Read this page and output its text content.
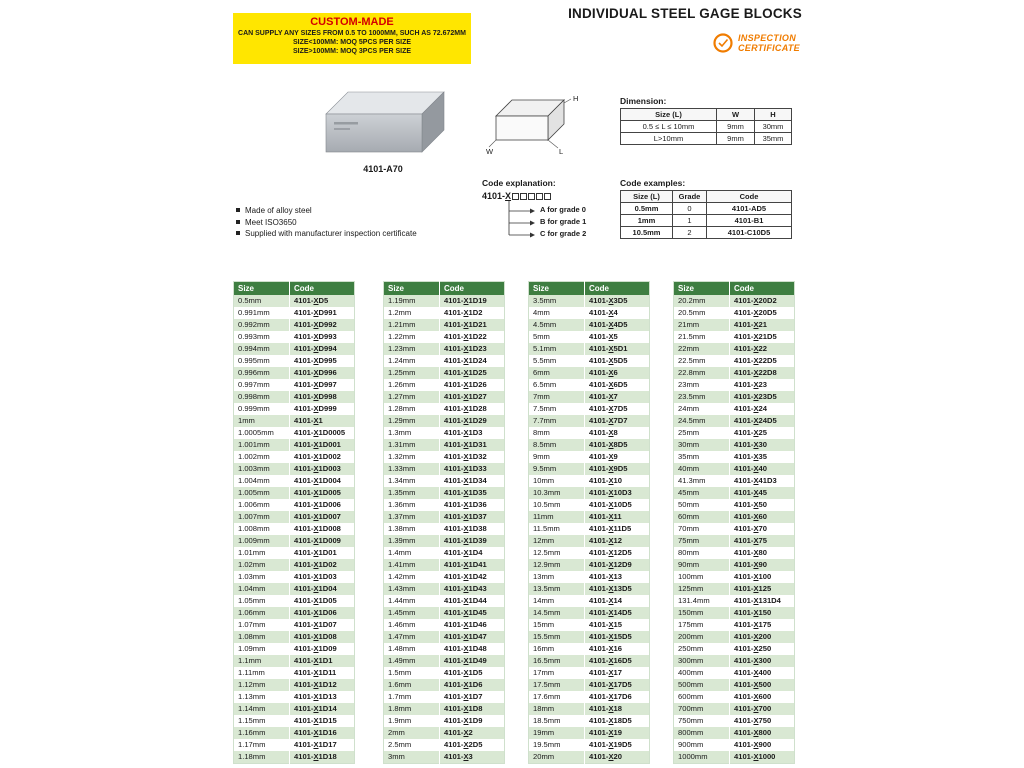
CUSTOM-MADE
CAN SUPPLY ANY SIZES FROM 0.5 TO 1000MM, SUCH AS 72.672MM
SIZE<100MM: MOQ 5PCS PER SIZE
SIZE>100MM: MOQ 3PCS PER SIZE
INDIVIDUAL STEEL GAGE BLOCKS
INSPECTION
CERTIFICATE
4101-A70
H
L
W
Dimension:
Size (L)	W	H
0.5 ≤ L ≤ 10mm	9mm	30mm
L>10mm	9mm	35mm
Made of alloy steel
Meet ISO3650
Supplied with manufacturer inspection certificate
Code explanation:
4101-X
A for grade 0
B for grade 1
C for grade 2
Code examples:
Size (L)	Grade	Code
0.5mm	0	4101-AD5
1mm	1	4101-B1
10.5mm	2	4101-C10D5
Size	Code
0.5mm	4101-XD5
0.991mm	4101-XD991
0.992mm	4101-XD992
0.993mm	4101-XD993
0.994mm	4101-XD994
0.995mm	4101-XD995
0.996mm	4101-XD996
0.997mm	4101-XD997
0.998mm	4101-XD998
0.999mm	4101-XD999
1mm	4101-X1
1.0005mm	4101-X1D0005
1.001mm	4101-X1D001
1.002mm	4101-X1D002
1.003mm	4101-X1D003
1.004mm	4101-X1D004
1.005mm	4101-X1D005
1.006mm	4101-X1D006
1.007mm	4101-X1D007
1.008mm	4101-X1D008
1.009mm	4101-X1D009
1.01mm	4101-X1D01
1.02mm	4101-X1D02
1.03mm	4101-X1D03
1.04mm	4101-X1D04
1.05mm	4101-X1D05
1.06mm	4101-X1D06
1.07mm	4101-X1D07
1.08mm	4101-X1D08
1.09mm	4101-X1D09
1.1mm	4101-X1D1
1.11mm	4101-X1D11
1.12mm	4101-X1D12
1.13mm	4101-X1D13
1.14mm	4101-X1D14
1.15mm	4101-X1D15
1.16mm	4101-X1D16
1.17mm	4101-X1D17
1.18mm	4101-X1D18
Size	Code
1.19mm	4101-X1D19
1.2mm	4101-X1D2
1.21mm	4101-X1D21
1.22mm	4101-X1D22
1.23mm	4101-X1D23
1.24mm	4101-X1D24
1.25mm	4101-X1D25
1.26mm	4101-X1D26
1.27mm	4101-X1D27
1.28mm	4101-X1D28
1.29mm	4101-X1D29
1.3mm	4101-X1D3
1.31mm	4101-X1D31
1.32mm	4101-X1D32
1.33mm	4101-X1D33
1.34mm	4101-X1D34
1.35mm	4101-X1D35
1.36mm	4101-X1D36
1.37mm	4101-X1D37
1.38mm	4101-X1D38
1.39mm	4101-X1D39
1.4mm	4101-X1D4
1.41mm	4101-X1D41
1.42mm	4101-X1D42
1.43mm	4101-X1D43
1.44mm	4101-X1D44
1.45mm	4101-X1D45
1.46mm	4101-X1D46
1.47mm	4101-X1D47
1.48mm	4101-X1D48
1.49mm	4101-X1D49
1.5mm	4101-X1D5
1.6mm	4101-X1D6
1.7mm	4101-X1D7
1.8mm	4101-X1D8
1.9mm	4101-X1D9
2mm	4101-X2
2.5mm	4101-X2D5
3mm	4101-X3
Size	Code
3.5mm	4101-X3D5
4mm	4101-X4
4.5mm	4101-X4D5
5mm	4101-X5
5.1mm	4101-X5D1
5.5mm	4101-X5D5
6mm	4101-X6
6.5mm	4101-X6D5
7mm	4101-X7
7.5mm	4101-X7D5
7.7mm	4101-X7D7
8mm	4101-X8
8.5mm	4101-X8D5
9mm	4101-X9
9.5mm	4101-X9D5
10mm	4101-X10
10.3mm	4101-X10D3
10.5mm	4101-X10D5
11mm	4101-X11
11.5mm	4101-X11D5
12mm	4101-X12
12.5mm	4101-X12D5
12.9mm	4101-X12D9
13mm	4101-X13
13.5mm	4101-X13D5
14mm	4101-X14
14.5mm	4101-X14D5
15mm	4101-X15
15.5mm	4101-X15D5
16mm	4101-X16
16.5mm	4101-X16D5
17mm	4101-X17
17.5mm	4101-X17D5
17.6mm	4101-X17D6
18mm	4101-X18
18.5mm	4101-X18D5
19mm	4101-X19
19.5mm	4101-X19D5
20mm	4101-X20
Size	Code
20.2mm	4101-X20D2
20.5mm	4101-X20D5
21mm	4101-X21
21.5mm	4101-X21D5
22mm	4101-X22
22.5mm	4101-X22D5
22.8mm	4101-X22D8
23mm	4101-X23
23.5mm	4101-X23D5
24mm	4101-X24
24.5mm	4101-X24D5
25mm	4101-X25
30mm	4101-X30
35mm	4101-X35
40mm	4101-X40
41.3mm	4101-X41D3
45mm	4101-X45
50mm	4101-X50
60mm	4101-X60
70mm	4101-X70
75mm	4101-X75
80mm	4101-X80
90mm	4101-X90
100mm	4101-X100
125mm	4101-X125
131.4mm	4101-X131D4
150mm	4101-X150
175mm	4101-X175
200mm	4101-X200
250mm	4101-X250
300mm	4101-X300
400mm	4101-X400
500mm	4101-X500
600mm	4101-X600
700mm	4101-X700
750mm	4101-X750
800mm	4101-X800
900mm	4101-X900
1000mm	4101-X1000
